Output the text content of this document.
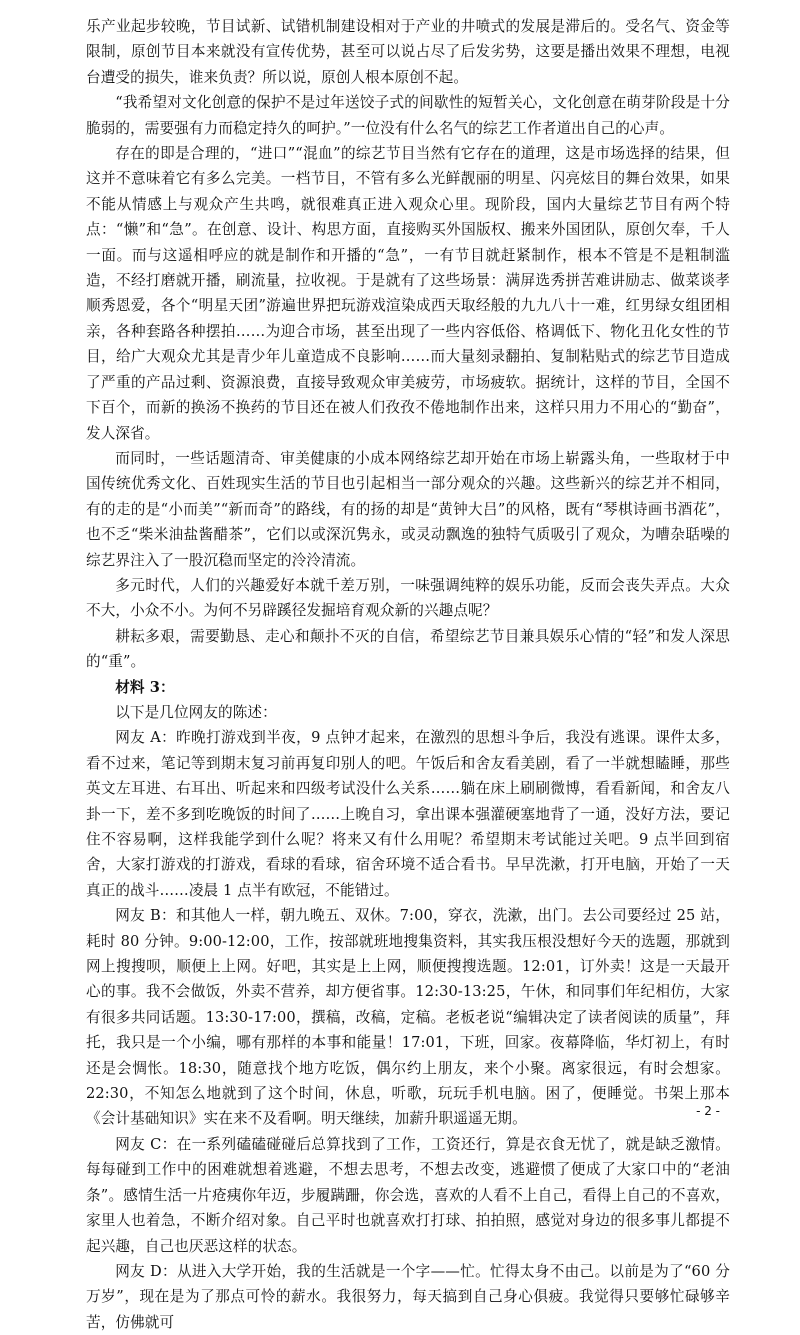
乐产业起步较晚，节目试新、试错机制建设相对于产业的井喷式的发展是滞后的。受名气、资金等限制，原创节目本来就没有宣传优势，甚至可以说占尽了后发劣势，这要是播出效果不理想，电视台遭受的损失，谁来负责？所以说，原创人根本原创不起。

“我希望对文化创意的保护不是过年送饺子式的间歇性的短暂关心，文化创意在萌芽阶段是十分脆弱的，需要强有力而稳定持久的呵护。”一位没有什么名气的综艺工作者道出自己的心声。

存在的即是合理的，“进口”“混血”的综艺节目当然有它存在的道理，这是市场选择的结果，但这并不意味着它有多么完美。一档节目，不管有多么光鲜靓丽的明星、闪亮炫目的舞台效果，如果不能从情感上与观众产生共鸣，就很难真正进入观众心里。现阶段，国内大量综艺节目有两个特点：“懒”和“急”。在创意、设计、构思方面，直接购买外国版权、搬来外国团队，原创欠奉，千人一面。而与这遥相呼应的就是制作和开播的“急”，一有节目就赶紧制作，根本不管是不是粗制滥造，不经打磨就开播，刷流量，拉收视。于是就有了这些场景：满屏选秀拼苦难讲励志、做菜谈孝顺秀恩爱，各个“明星天团”游遍世界把玩游戏渲染成西天取经般的九九八十一难，红男绿女组团相亲，各种套路各种摆拍……为迎合市场，甚至出现了一些内容低俗、格调低下、物化丑化女性的节目，给广大观众尤其是青少年儿童造成不良影响……而大量刻录翻拍、复制粘贴式的综艺节目造成了严重的产品过剩、资源浪费，直接导致观众审美疲劳，市场疲软。据统计，这样的节目，全国不下百个，而新的换汤不换药的节目还在被人们孜孜不倦地制作出来，这样只用力不用心的“勤奋”，发人深省。

而同时，一些话题清奇、审美健康的小成本网络综艺却开始在市场上崭露头角，一些取材于中国传统优秀文化、百姓现实生活的节目也引起相当一部分观众的兴趣。这些新兴的综艺并不相同，有的走的是“小而美”“新而奇”的路线，有的扬的却是“黄钟大吕”的风格，既有“琴棋诗画书酒花”，也不乏“柴米油盐酱醋茶”，它们以或深沉隽永，或灵动飘逸的独特气质吸引了观众，为嘈杂聒噪的综艺界注入了一股沉稳而坚定的泠泠清流。

多元时代，人们的兴趣爱好本就千差万别，一味强调纯粹的娱乐功能，反而会丧失弄点。大众不大，小众不小。为何不另辟蹊径发掘培育观众新的兴趣点呢？

耕耘多艰，需要勤恳、走心和颠扑不灭的自信，希望综艺节目兼具娱乐心情的“轻”和发人深思的“重”。

材料 3：

以下是几位网友的陈述：

网友 A：昨晚打游戏到半夜，9 点钟才起来，在激烈的思想斗争后，我没有逃课。课件太多，看不过来，笔记等到期末复习前再复印别人的吧。午饭后和舍友看美剧，看了一半就想瞌睡，那些英文左耳进、右耳出、听起来和四级考试没什么关系……躺在床上刷刷微博，看看新闻，和舍友八卦一下，差不多到吃晚饭的时间了……上晚自习，拿出课本强灌硬塞地背了一通，没好方法，要记住不容易啊，这样我能学到什么呢？将来又有什么用呢？希望期末考试能过关吧。9 点半回到宿舍，大家打游戏的打游戏，看球的看球，宿舍环境不适合看书。早早洗漱，打开电脑，开始了一天真正的战斗……凌晨 1 点半有欧冠，不能错过。

网友 B：和其他人一样，朝九晚五、双休。7:00，穿衣，洗漱，出门。去公司要经过 25 站，耗时 80 分钟。9:00-12:00，工作，按部就班地搜集资料，其实我压根没想好今天的选题，那就到网上搜搜呗，顺便上上网。好吧，其实是上上网，顺便搜搜选题。12:01，订外卖！这是一天最开心的事。我不会做饭，外卖不营养，却方便省事。12:30-13:25，午休，和同事们年纪相仿，大家有很多共同话题。13:30-17:00，撰稿，改稿，定稿。老板老说“编辑决定了读者阅读的质量”，拜托，我只是一个小编，哪有那样的本事和能量！17:01，下班，回家。夜幕降临，华灯初上，有时还是会惆怅。18:30，随意找个地方吃饭，偶尔约上朋友，来个小聚。离家很远，有时会想家。22:30，不知怎么地就到了这个时间，休息，听歌，玩玩手机电脑。困了，便睡觉。书架上那本《会计基础知识》实在来不及看啊。明天继续，加薪升职遥遥无期。

网友 C：在一系列磕磕碰碰后总算找到了工作，工资还行，算是衣食无忧了，就是缺乏激情。每每碰到工作中的困难就想着逃避，不想去思考，不想去改变，逃避惯了便成了大家口中的“老油条”。感情生活一片疮痍你年迈，步履蹒跚，你会选，喜欢的人看不上自己，看得上自己的不喜欢，家里人也着急，不断介绍对象。自己平时也就喜欢打打球、拍拍照，感觉对身边的很多事儿都提不起兴趣，自己也厌恶这样的状态。

网友 D：从进入大学开始，我的生活就是一个字——忙。忙得太身不由己。以前是为了“60 分万岁”，现在是为了那点可怜的薪水。我很努力，每天搞到自己身心俱疲。我觉得只要够忙碌够辛苦，仿佛就可

- 2 -
